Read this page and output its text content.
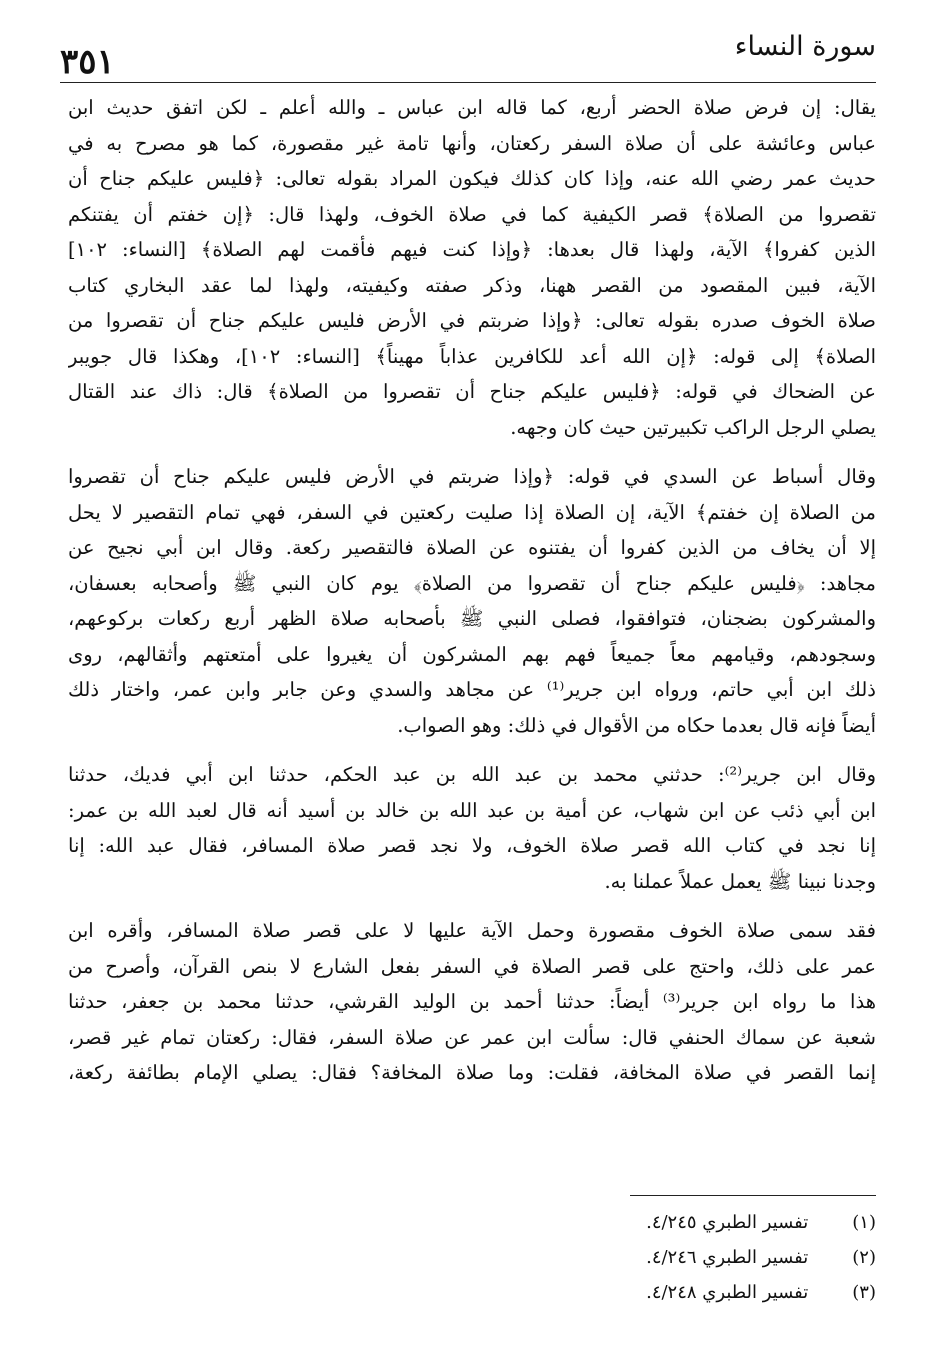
سورة النساء
٣٥١
يقال: إن فرض صلاة الحضر أربع، كما قاله ابن عباس ـ والله أعلم ـ لكن اتفق حديث ابن
عباس وعائشة على أن صلاة السفر ركعتان، وأنها تامة غير مقصورة، كما هو مصرح به في
حديث عمر رضي الله عنه، وإذا كان كذلك فيكون المراد بقوله تعالى: ﴿فليس عليكم جناح أن
تقصروا من الصلاة﴾ قصر الكيفية كما في صلاة الخوف، ولهذا قال: ﴿إن خفتم أن يفتنكم
الذين كفروا﴾ الآية، ولهذا قال بعدها: ﴿وإذا كنت فيهم فأقمت لهم الصلاة﴾ [النساء: ١٠٢]
الآية، فبين المقصود من القصر ههنا، وذكر صفته وكيفيته، ولهذا لما عقد البخاري كتاب
صلاة الخوف صدره بقوله تعالى: ﴿وإذا ضربتم في الأرض فليس عليكم جناح أن تقصروا من
الصلاة﴾ إلى قوله: ﴿إن الله أعد للكافرين عذاباً مهيناً﴾ [النساء: ١٠٢]، وهكذا قال جويبر
عن الضحاك في قوله: ﴿فليس عليكم جناح أن تقصروا من الصلاة﴾ قال: ذاك عند القتال
يصلي الرجل الراكب تكبيرتين حيث كان وجهه.
وقال أسباط عن السدي في قوله: ﴿وإذا ضربتم في الأرض فليس عليكم جناح أن تقصروا
من الصلاة إن خفتم﴾ الآية، إن الصلاة إذا صليت ركعتين في السفر، فهي تمام التقصير لا يحل
إلا أن يخاف من الذين كفروا أن يفتنوه عن الصلاة فالتقصير ركعة. وقال ابن أبي نجيح عن
مجاهد: ﴿فليس عليكم جناح أن تقصروا من الصلاة﴾ يوم كان النبي ﷺ وأصحابه بعسفان،
والمشركون بضجنان، فتوافقوا، فصلى النبي ﷺ بأصحابه صلاة الظهر أربع ركعات بركوعهم،
وسجودهم، وقيامهم معاً جميعاً فهم بهم المشركون أن يغيروا على أمتعتهم وأثقالهم، روى
ذلك ابن أبي حاتم، ورواه ابن جرير⁽¹⁾ عن مجاهد والسدي وعن جابر وابن عمر، واختار ذلك
أيضاً فإنه قال بعدما حكاه من الأقوال في ذلك: وهو الصواب.
وقال ابن جرير⁽²⁾: حدثني محمد بن عبد الله بن عبد الحكم، حدثنا ابن أبي فديك، حدثنا
ابن أبي ذئب عن ابن شهاب، عن أمية بن عبد الله بن خالد بن أسيد أنه قال لعبد الله بن عمر:
إنا نجد في كتاب الله قصر صلاة الخوف، ولا نجد قصر صلاة المسافر، فقال عبد الله: إنا
وجدنا نبينا ﷺ يعمل عملاً عملنا به.
فقد سمى صلاة الخوف مقصورة وحمل الآية عليها لا على قصر صلاة المسافر، وأقره ابن
عمر على ذلك، واحتج على قصر الصلاة في السفر بفعل الشارع لا بنص القرآن، وأصرح من
هذا ما رواه ابن جرير⁽³⁾ أيضاً: حدثنا أحمد بن الوليد القرشي، حدثنا محمد بن جعفر، حدثنا
شعبة عن سماك الحنفي قال: سألت ابن عمر عن صلاة السفر، فقال: ركعتان تمام غير قصر،
إنما القصر في صلاة المخافة، فقلت: وما صلاة المخافة؟ فقال: يصلي الإمام بطائفة ركعة،
(١) تفسير الطبري ٤/٢٤٥.
(٢) تفسير الطبري ٤/٢٤٦.
(٣) تفسير الطبري ٤/٢٤٨.
